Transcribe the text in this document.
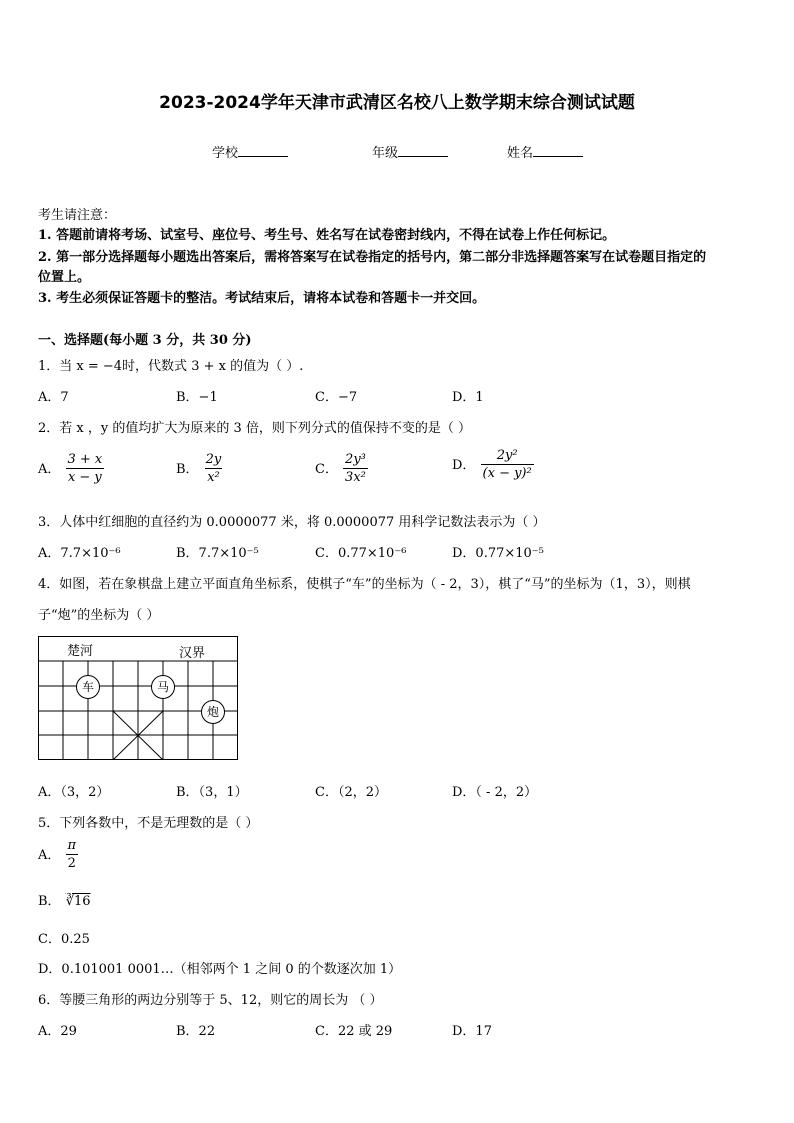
2023-2024学年天津市武清区名校八上数学期末综合测试试题
学校	年级	姓名
考生请注意：
1. 答题前请将考场、试室号、座位号、考生号、姓名写在试卷密封线内，不得在试卷上作任何标记。
2. 第一部分选择题每小题选出答案后，需将答案写在试卷指定的括号内，第二部分非选择题答案写在试卷题目指定的
位置上。
3. 考生必须保证答题卡的整洁。考试结束后，请将本试卷和答题卡一并交回。
一、选择题(每小题 3 分，共 30 分)
1．当 x = −4时，代数式 3 + x 的值为（ ）.
A．7	B．−1	C．−7	D．1
2．若 x ，y 的值均扩大为原来的 3 倍，则下列分式的值保持不变的是（ ）
A． $\frac{3 + x}{x - y}$	B． $\frac{2y}{\text{x²}}$	C． $\frac{\text{2y³}}{\text{3x²}}$	D． $\frac{\text{2y²}}{\text{(x − y)²}}$
3．人体中红细胞的直径约为 0.0000077 米，将 0.0000077 用科学记数法表示为（ ）
A．7.7×10⁻⁶	B．7.7×10⁻⁵	C．0.77×10⁻⁶	D．0.77×10⁻⁵
4．如图，若在象棋盘上建立平面直角坐标系，使棋子“车”的坐标为（ - 2，3），棋了“马”的坐标为（1，3），则棋
子“炮”的坐标为（ ）
楚河	汉界
车	马
炮
A．（3，2）	B．（3，1）	C．（2，2）	D．（ - 2，2）
5．下列各数中，不是无理数的是（ ）
A． $\frac{\pi}{2}$
B． ∛16
C．0.25
D．0.101001 0001…（相邻两个 1 之间 0 的个数逐次加 1）
6．等腰三角形的两边分别等于 5、12，则它的周长为 （ ）
A．29	B．22	C．22 或 29	D．17
